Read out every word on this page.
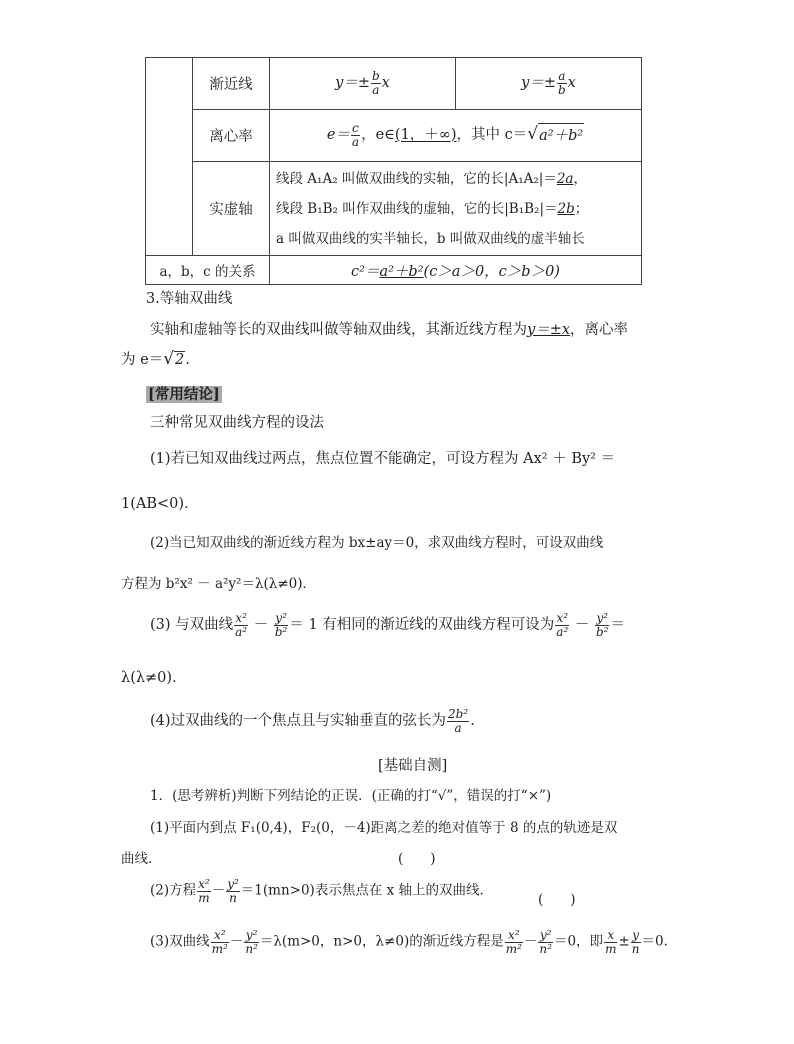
	渐近线	$y=\pm \frac{b}{a}$ x	$y=\pm \frac{a}{b}$ x
	离心率	$e= \frac{c}{a}$ ，e∈(1，＋∞)，其中 c＝√a²＋b²	
	实虚轴	线段 A₁A₂ 叫做双曲线的实轴，它的长|A₁A₂|＝2a，
线段 B₁B₂ 叫作双曲线的虚轴，它的长|B₁B₂|＝2b；
a 叫做双曲线的实半轴长，b 叫做双曲线的虚半轴长	

a，b，c 的关系		c²＝a²＋b²(c＞a＞0，c＞b＞0)	
3.等轴双曲线
实轴和虚轴等长的双曲线叫做等轴双曲线，其渐近线方程为y＝±x，离心率
为 e＝√2.
[常用结论]
三种常见双曲线方程的设法
(1)若已知双曲线过两点，焦点位置不能确定，可设方程为 Ax² ＋ By² ＝
1(AB<0)．
(2)当已知双曲线的渐近线方程为 bx±ay＝0，求双曲线方程时，可设双曲线
方程为 b²x² － a²y²＝λ(λ≠0)．
(3) 与双曲线 $\frac{\text{x²}}{\text{a²}} - \frac{\text{y²}}{\text{b²}} = 1$ 有相同的渐近线的双曲线方程可设为 $\frac{\text{x²}}{\text{a²}} - \frac{\text{y²}}{\text{b²}}$ ＝
λ(λ≠0)．
(4)过双曲线的一个焦点且与实轴垂直的弦长为 $\frac{\text{2b²}}{a}$ .
[基础自测]
1．(思考辨析)判断下列结论的正误．(正确的打“√”，错误的打“×”)
(1)平面内到点 F₁(0,4)，F₂(0，－4)距离之差的绝对值等于 8 的点的轨迹是双
曲线．	(　　)
(2)方程 $\frac{\text{x²}}{m} - \frac{\text{y²}}{n} =1(mn>0)$表示焦点在 x 轴上的双曲线．
(　　)
(3)双曲线 $\frac{\text{x²}}{\text{m²}} - \frac{\text{y²}}{\text{n²}} =\lambda(m>0$，n>0，λ≠0)的渐近线方程是 $\frac{\text{x²}}{\text{m²}} - \frac{\text{y²}}{\text{n²}} =0$，即 $\frac{x}{m} \pm \frac{y}{n} =0$.
